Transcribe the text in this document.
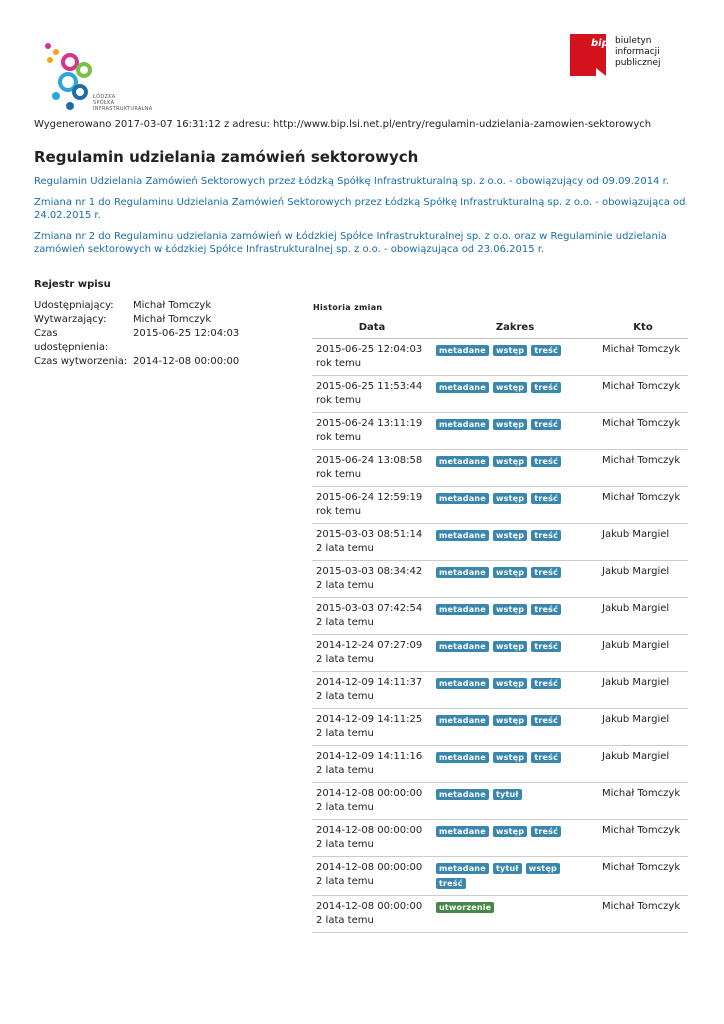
ŁÓDZKA
SPÓŁKA
INFRASTRUKTURALNA
bip biuletyn
informacji publicznej
Wygenerowano 2017-03-07 16:31:12 z adresu: http://www.bip.lsi.net.pl/entry/regulamin-udzielania-zamowien-sektorowych
Regulamin udzielania zamówień sektorowych
Regulamin Udzielania Zamówień Sektorowych przez Łódzką Spółkę Infrastrukturalną sp. z o.o. - obowiązujący od 09.09.2014 r.
Zmiana nr 1 do Regulaminu Udzielania Zamówień Sektorowych przez Łódzką Spółkę Infrastrukturalną sp. z o.o. - obowiązująca od 24.02.2015 r.
Zmiana nr 2 do Regulaminu udzielania zamówień w Łódzkiej Spółce Infrastrukturalnej sp. z o.o. oraz w Regulaminie udzielania zamówień sektorowych w Łódzkiej Spółce Infrastrukturalnej sp. z o.o. - obowiązująca od 23.06.2015 r.
Rejestr wpisu
Udostępniający:	Michał Tomczyk
Wytwarzający:	Michał Tomczyk
Czas udostępnienia:
2015-06-25 12:04:03
Czas wytworzenia: 2014-12-08 00:00:00
Historia zmian
Data	Zakres	Kto

2015-06-25 12:04:03
rok temu	metadane wstęp treść	Michał Tomczyk

2015-06-25 11:53:44
rok temu	metadane wstęp treść	Michał Tomczyk

2015-06-24 13:11:19
rok temu	metadane wstęp treść	Michał Tomczyk

2015-06-24 13:08:58
rok temu	metadane wstęp treść	Michał Tomczyk

2015-06-24 12:59:19
rok temu	metadane wstęp treść	Michał Tomczyk

2015-03-03 08:51:14
2 lata temu	metadane wstęp treść	Jakub Margiel

2015-03-03 08:34:42
2 lata temu	metadane wstęp treść	Jakub Margiel

2015-03-03 07:42:54
2 lata temu	metadane wstęp treść	Jakub Margiel

2014-12-24 07:27:09
2 lata temu	metadane wstęp treść	Jakub Margiel

2014-12-09 14:11:37
2 lata temu	metadane wstęp treść	Jakub Margiel

2014-12-09 14:11:25
2 lata temu	metadane wstęp treść	Jakub Margiel

2014-12-09 14:11:16
2 lata temu	metadane wstęp treść	Jakub Margiel

2014-12-08 00:00:00
2 lata temu	metadane tytuł	Michał Tomczyk

2014-12-08 00:00:00
2 lata temu	metadane wstęp treść	Michał Tomczyk

2014-12-08 00:00:00
2 lata temu	metadane tytuł wstęp treść	Michał Tomczyk

2014-12-08 00:00:00
2 lata temu	utworzenie	Michał Tomczyk
